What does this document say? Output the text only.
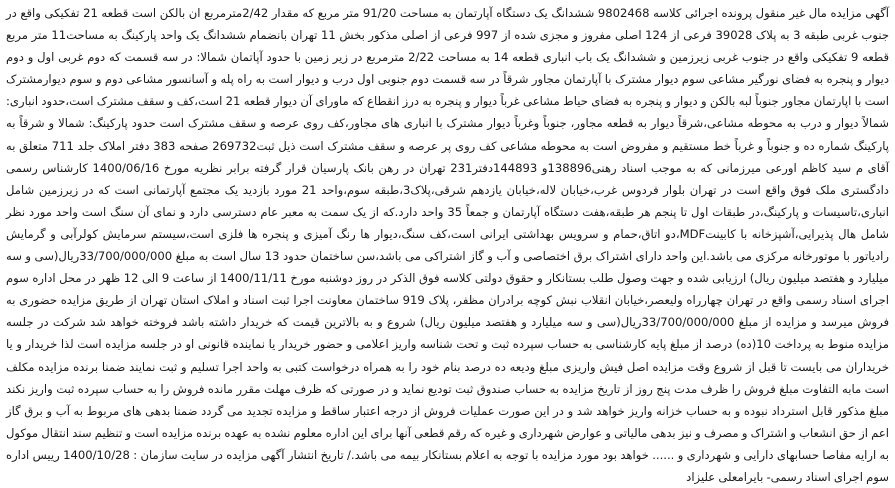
آگهی مزایده مال غیر منقول پرونده اجرائی کلاسه 9802468 ششدانگ یک دستگاه آپارتمان به مساحت 91/20 متر مربع که مقدار 2/42مترمربع ان بالکن است قطعه 21 تفکیکی واقع در جنوب غربی طبقه 3 به پلاک 39028 فرعی از 124 اصلی مفروز و مجزی شده از 997 فرعی از اصلی مذکور بخش 11 تهران بانضمام ششدانگ یک واحد پارکینگ به مساحت11 متر مربع قطعه 9 تفکیکی واقع در جنوب غربی زیرزمین و ششدانگ یک باب انباری قطعه 14 به مساحت 2/22 مترمربع در زیر زمین با حدود آپاتمان شمالا: در سه قسمت که دوم غربی اول و دوم دیوار و پنجره به فضای نورگیر مشاعی سوم دیوار مشترک با آپارتمان مجاور شرقاً در سه قسمت دوم جنوبی اول درب و دیوار است به راه پله و آسانسور مشاعی دوم و سوم دیوارمشترک است با اپارتمان مجاور جنوباً لبه بالکن و دیوار و پنجره به فضای حیاط مشاعی غرباً دیوار و پنجره به درز انقطاع که ماورای آن دیوار قطعه 21 است،کف و سقف مشترک است،حدود انباری: شمالاً دیوار و درب به محوطه مشاعی،شرقاً دیوار به قطعه مجاور، جنوباً وغرباً دیوار مشترک با انباری های مجاور،کف روی عرصه و سقف مشترک است حدود پارکینگ: شمالا و شرقاً به پارکینگ شماره ده و جنوباً و غرباً خط مستقیم و مفروض است به محوطه مشاعی کف روی پر عرصه و سقف مشترک است ذیل ثبت269732 صفحه 383 دفتر املاک جلد 711 متعلق به آقای م سید کاظم اورعی میرزمانی که به موجب اسناد رهنی138896و 144893دفتر231 تهران در رهن بانک پارسیان قرار گرفته برابر نظریه مورخ 1400/06/16 کارشناس رسمی دادگستری ملک فوق واقع است در تهران بلوار فردوس غرب،خیابان لاله،خیابان یازدهم شرقی،پلاک3،طبقه سوم،واحد 21 مورد بازدید یک مجتمع آپارتمانی است که در زیرزمین شامل انباری،تاسیسات و پارکینگ،در طبقات اول تا پنجم هر طبقه،هفت دستگاه آپارتمان و جمعاً 35 واحد دارد.که از یک سمت به معبر عام دسترسی دارد و نمای آن سنگ است واحد مورد نظر شامل هال پذیرایی،آشپزخانه با کابینتMDF،دو اتاق،حمام و سرویس بهداشتی ایرانی است،کف سنگ،دیوار ها رنگ آمیزی و پنجره ها فلزی است،سیستم سرمایش کولرآبی و گرمایش رادیاتور با موتورخانه مرکزی می باشد.این واحد دارای اشتراک برق اختصاصی و آب و گاز اشتراکی می باشد،سن ساختمان حدود 13 سال است به مبلغ 33/700/000/000ریال(سی و سه میلیارد و هفتصد میلیون ریال) ارزیابی شده و جهت وصول طلب بستانکار و حقوق دولتی کلاسه فوق الذکر در روز دوشنبه مورخ 1400/11/11 از ساعت 9 الی 12 ظهر در محل اداره سوم اجرای اسناد رسمی واقع در تهران چهارراه ولیعصر،خیابان انقلاب نبش کوچه برادران مظفر، پلاک 919 ساختمان معاونت اجرا ثبت اسناد و املاک استان تهران از طریق مزایده حضوری به فروش میرسد و مزایده از مبلغ 33/700/000/000ریال(سی و سه میلیارد و هفتصد میلیون ریال) شروع و به بالاترین قیمت که خریدار داشته باشد فروخته خواهد شد شرکت در جلسه مزایده منوط به پرداخت 10(ده) درصد از مبلغ پایه کارشناسی به حساب سپرده ثبت و تحت شناسه واریز اعلامی و حضور خریدار یا نماینده قانونی او در جلسه مزایده است لذا خریدار و یا خریداران می بایست تا قبل از شروع وقت مزایده اصل فیش واریزی مبلغ ودیعه ده درصد بنام خود را به همراه درخواست کتبی به واحد اجرا تسلیم و ثبت نمایند ضمنا برنده مزایده مکلف است مابه التفاوت مبلغ فروش را ظرف مدت پنج روز از تاریخ مزایده به حساب صندوق ثبت تودیع نماید و در صورتی که ظرف مهلت مقرر مانده فروش را به حساب سپرده ثبت واریز نکند مبلغ مذکور قابل استرداد نبوده و به حساب خزانه واریز خواهد شد و در این صورت عملیات فروش از درجه اعتبار ساقط و مزایده تجدید می گردد ضمنا بدهی های مربوط به آب و برق گاز اعم از حق انشعاب و اشتراک و مصرف و نیز بدهی مالیاتی و عوارض شهرداری و غیره که رقم قطعی آنها برای این اداره معلوم نشده به عهده برنده مزایده است و تنظیم سند انتقال موکول به ارایه مفاصا حسابهای دارایی و شهرداری و ...... خواهد بود مورد مزایده با توجه به اعلام بستانکار بیمه می باشد./ تاریخ انتشار آگهی مزایده در سایت سازمان : 1400/10/28 رییس اداره سوم اجرای اسناد رسمی- بایرامعلی علیزاد
